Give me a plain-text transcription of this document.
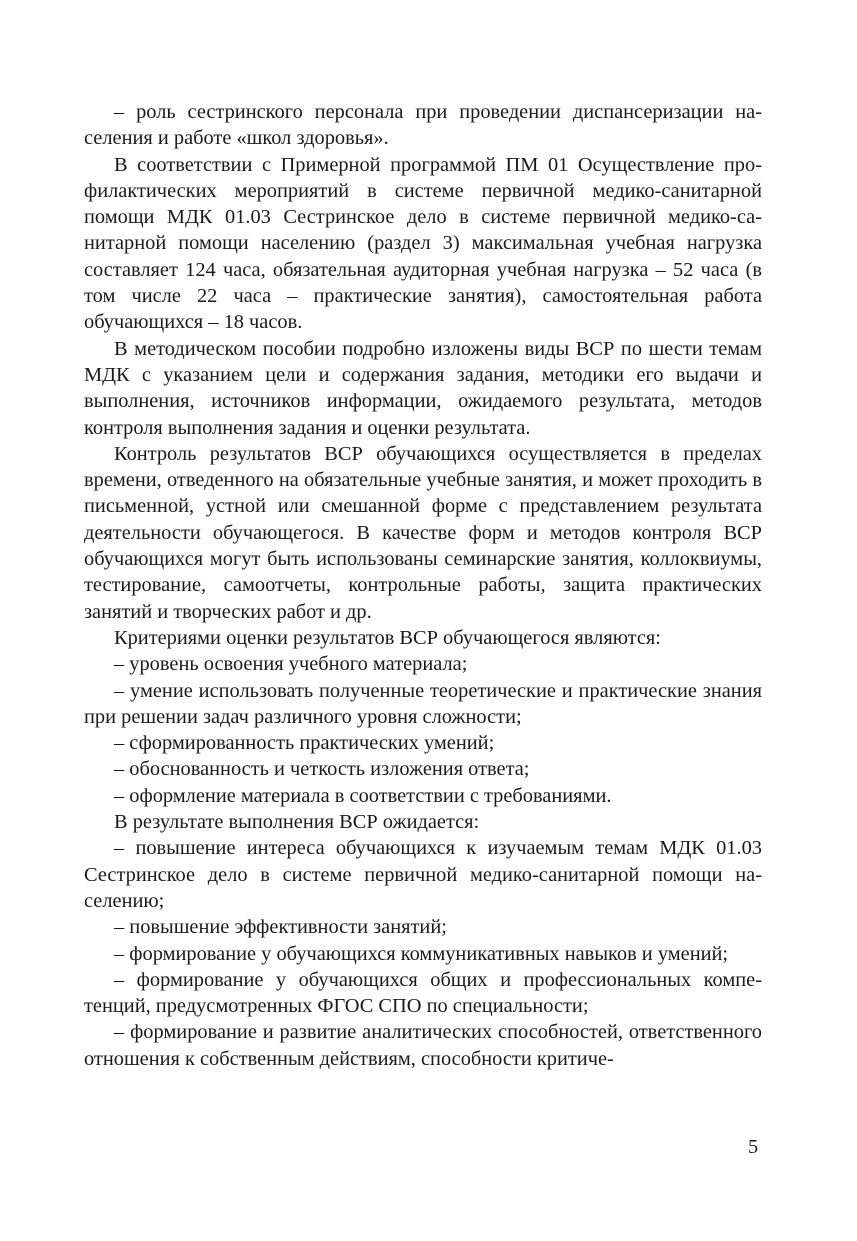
– роль сестринского персонала при проведении диспансеризации населения и работе «школ здоровья».

В соответствии с Примерной программой ПМ 01 Осуществление профилактических мероприятий в системе первичной медико-санитарной помощи МДК 01.03 Сестринское дело в системе первичной медико-санитарной помощи населению (раздел 3) максимальная учебная нагрузка составляет 124 часа, обязательная аудиторная учебная нагрузка – 52 часа (в том числе 22 часа – практические занятия), самостоятельная работа обучающихся – 18 часов.

В методическом пособии подробно изложены виды ВСР по шести темам МДК с указанием цели и содержания задания, методики его выдачи и выполнения, источников информации, ожидаемого результата, методов контроля выполнения задания и оценки результата.

Контроль результатов ВСР обучающихся осуществляется в пределах времени, отведенного на обязательные учебные занятия, и может проходить в письменной, устной или смешанной форме с представлением результата деятельности обучающегося. В качестве форм и методов контроля ВСР обучающихся могут быть использованы семинарские занятия, коллоквиумы, тестирование, самоотчеты, контрольные работы, защита практических занятий и творческих работ и др.

Критериями оценки результатов ВСР обучающегося являются:

– уровень освоения учебного материала;

– умение использовать полученные теоретические и практические знания при решении задач различного уровня сложности;

– сформированность практических умений;

– обоснованность и четкость изложения ответа;

– оформление материала в соответствии с требованиями.

В результате выполнения ВСР ожидается:

– повышение интереса обучающихся к изучаемым темам МДК 01.03 Сестринское дело в системе первичной медико-санитарной помощи населению;

– повышение эффективности занятий;

– формирование у обучающихся коммуникативных навыков и умений;

– формирование у обучающихся общих и профессиональных компетенций, предусмотренных ФГОС СПО по специальности;

– формирование и развитие аналитических способностей, ответственного отношения к собственным действиям, способности критиче-

5
